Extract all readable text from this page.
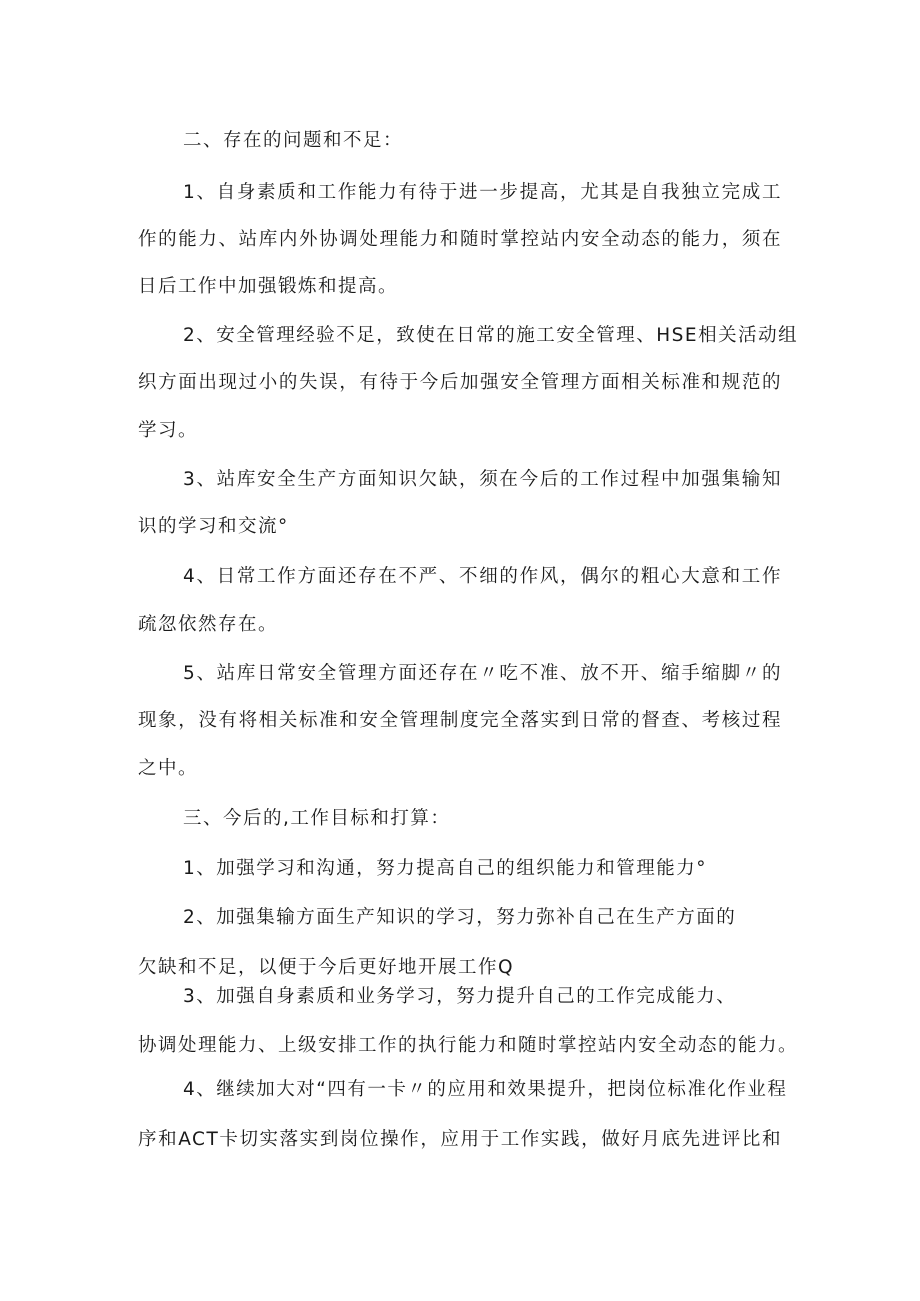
二、存在的问题和不足：
1、自身素质和工作能力有待于进一步提高，尤其是自我独立完成工
作的能力、站库内外协调处理能力和随时掌控站内安全动态的能力，须在
日后工作中加强锻炼和提高。
2、安全管理经验不足，致使在日常的施工安全管理、HSE相关活动组
织方面出现过小的失误，有待于今后加强安全管理方面相关标准和规范的
学习。
3、站库安全生产方面知识欠缺，须在今后的工作过程中加强集输知
识的学习和交流°
4、日常工作方面还存在不严、不细的作风，偶尔的粗心大意和工作
疏忽依然存在。
5、站库日常安全管理方面还存在〃吃不准、放不开、缩手缩脚〃的
现象，没有将相关标准和安全管理制度完全落实到日常的督查、考核过程
之中。
三、今后的,工作目标和打算：
1、加强学习和沟通，努力提高自己的组织能力和管理能力°
2、加强集输方面生产知识的学习，努力弥补自己在生产方面的
欠缺和不足，以便于今后更好地开展工作Q
3、加强自身素质和业务学习，努力提升自己的工作完成能力、
协调处理能力、上级安排工作的执行能力和随时掌控站内安全动态的能力。
4、继续加大对“四有一卡〃的应用和效果提升，把岗位标准化作业程
序和ACT卡切实落实到岗位操作，应用于工作实践，做好月底先进评比和
